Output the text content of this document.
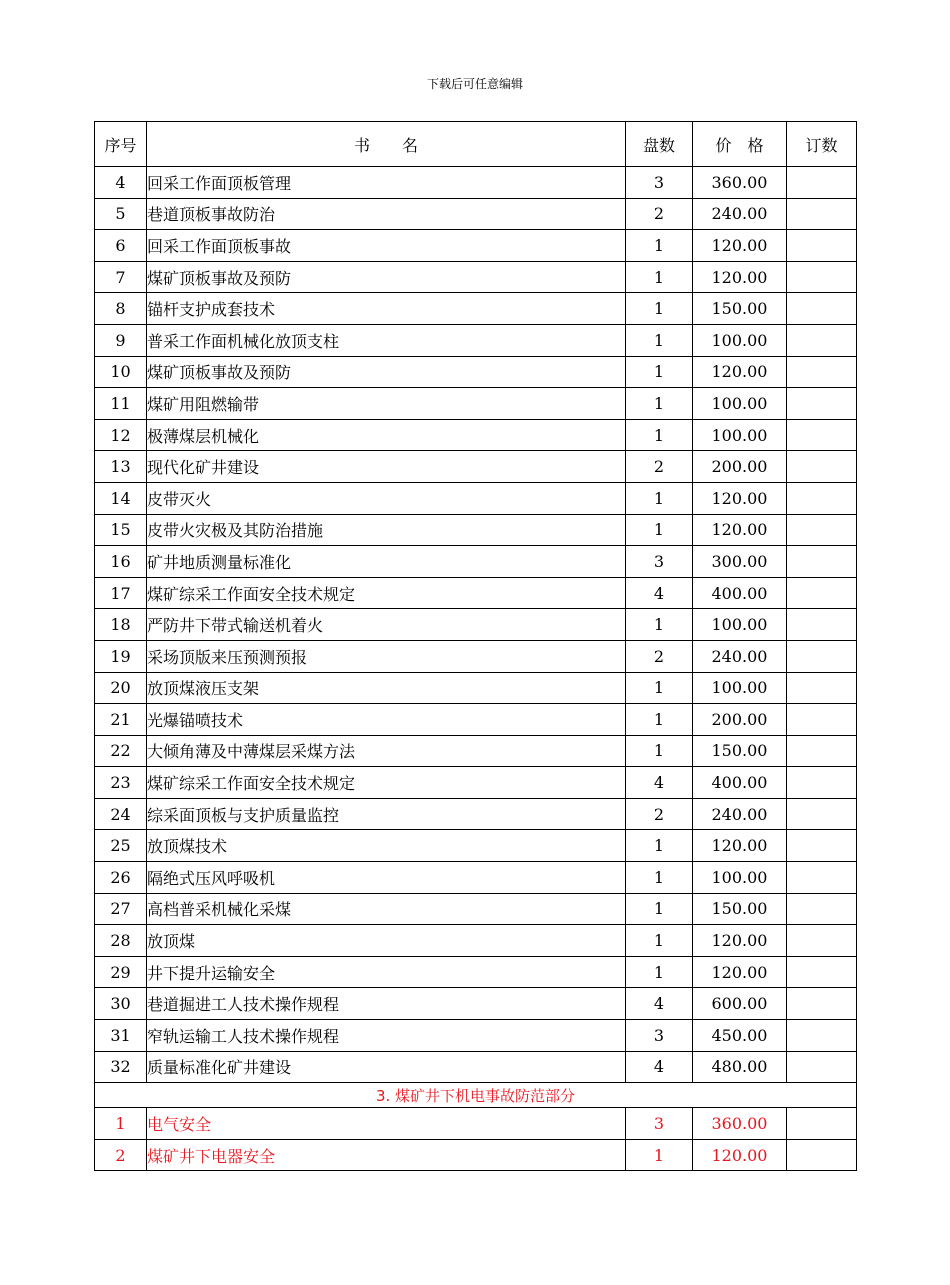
下载后可任意编辑
序号	书　　名	盘数	价　格	订数
4	回采工作面顶板管理	3	360.00	
5	巷道顶板事故防治	2	240.00	
6	回采工作面顶板事故	1	120.00	
7	煤矿顶板事故及预防	1	120.00	
8	锚杆支护成套技术	1	150.00	
9	普采工作面机械化放顶支柱	1	100.00	
10	煤矿顶板事故及预防	1	120.00	
11	煤矿用阻燃输带	1	100.00	
12	极薄煤层机械化	1	100.00	
13	现代化矿井建设	2	200.00	
14	皮带灭火	1	120.00	
15	皮带火灾极及其防治措施	1	120.00	
16	矿井地质测量标准化	3	300.00	
17	煤矿综采工作面安全技术规定	4	400.00	
18	严防井下带式输送机着火	1	100.00	
19	采场顶版来压预测预报	2	240.00	
20	放顶煤液压支架	1	100.00	
21	光爆锚喷技术	1	200.00	
22	大倾角薄及中薄煤层采煤方法	1	150.00	
23	煤矿综采工作面安全技术规定	4	400.00	
24	综采面顶板与支护质量监控	2	240.00	
25	放顶煤技术	1	120.00	
26	隔绝式压风呼吸机	1	100.00	
27	高档普采机械化采煤	1	150.00	
28	放顶煤	1	120.00	
29	井下提升运输安全	1	120.00	
30	巷道掘进工人技术操作规程	4	600.00	
31	窄轨运输工人技术操作规程	3	450.00	
32	质量标准化矿井建设	4	480.00	
3. 煤矿井下机电事故防范部分				
1	电气安全	3	360.00	
2	煤矿井下电器安全	1	120.00	
